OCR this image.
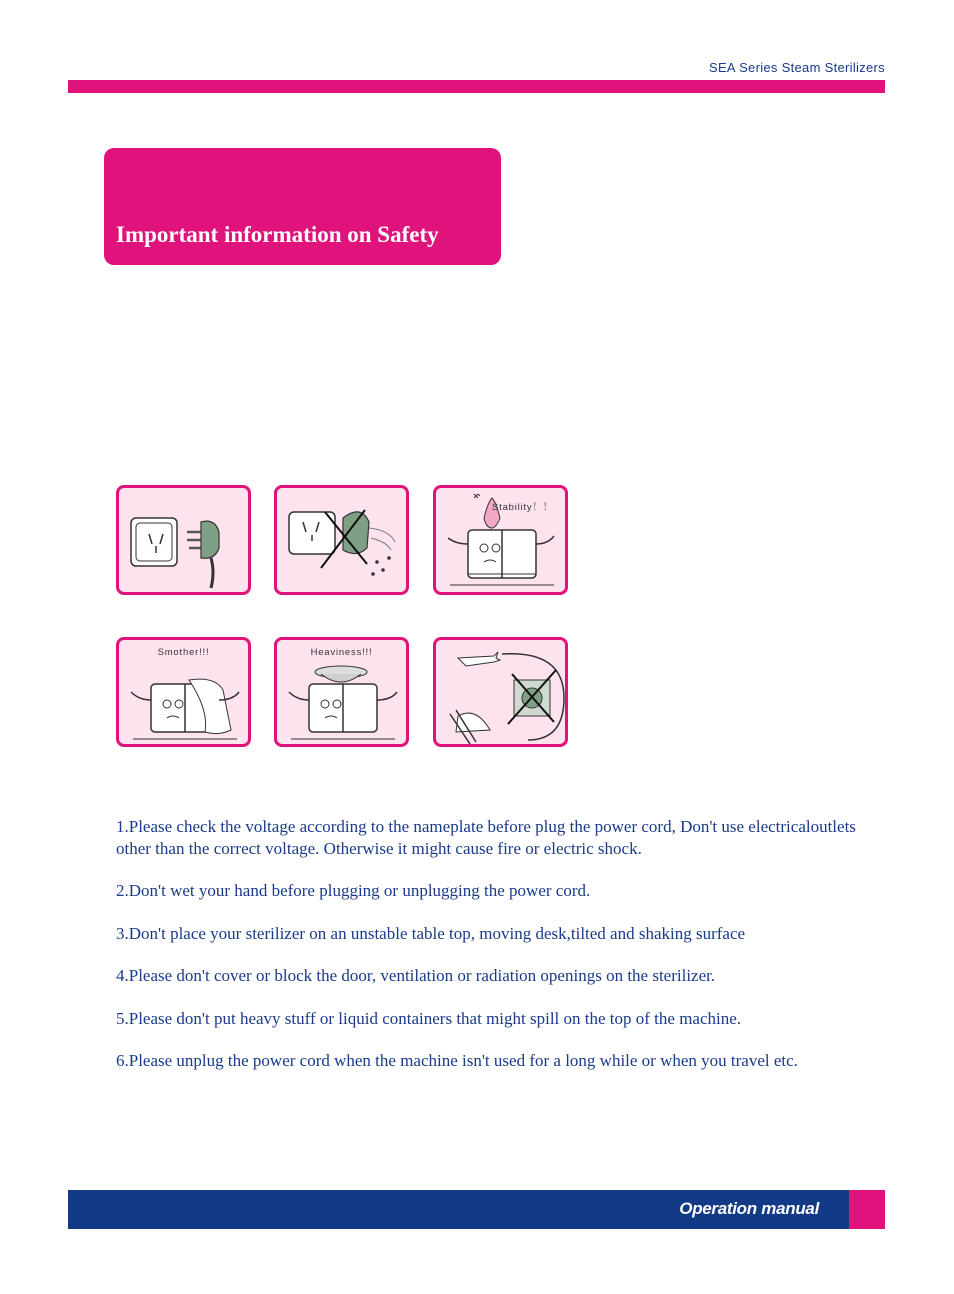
SEA Series Steam Sterilizers
Important information on Safety
Stability！！
Smother!!!	Heaviness!!!

1.Please check the voltage according to the nameplate before plug the power cord, Don't use electricaloutlets other than the correct voltage. Otherwise it might cause fire or electric shock.

2.Don't wet your hand before plugging or unplugging the power cord.

3.Don't place your sterilizer on an unstable table top, moving desk,tilted and shaking surface

4.Please don't cover or block the door, ventilation or radiation openings on the sterilizer.

5.Please don't put heavy stuff or liquid containers that might spill on the top of the machine.

6.Please unplug the power cord when the machine isn't used for a long while or when you travel etc.

Operation manual
